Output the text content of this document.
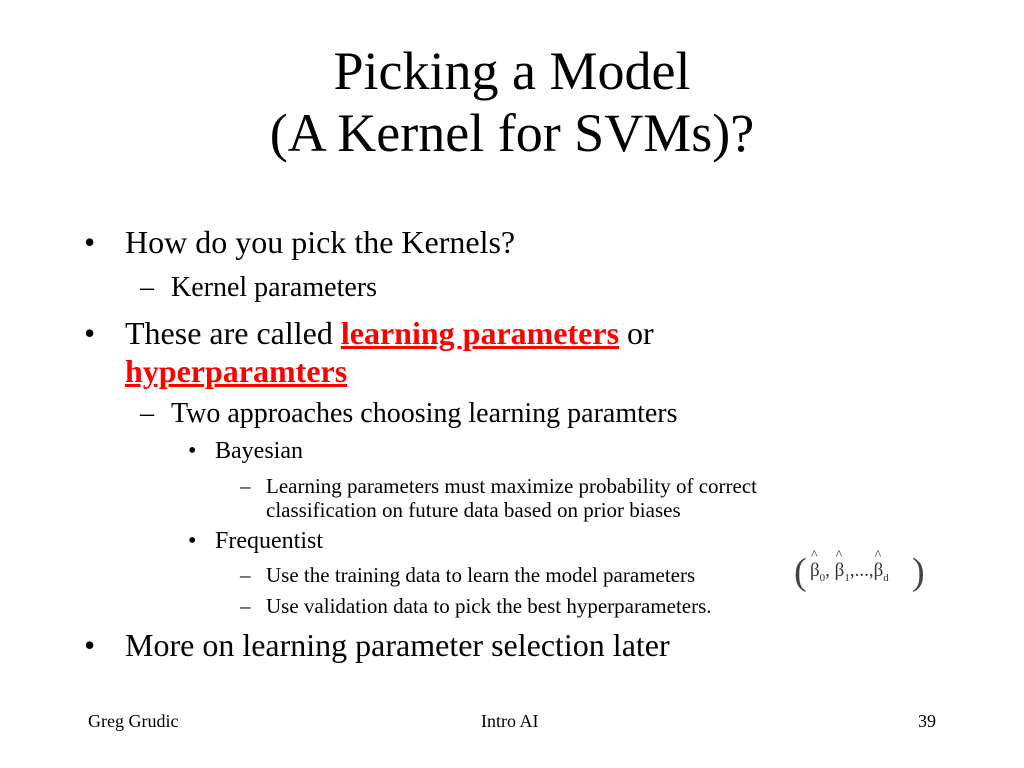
Picking a Model
(A Kernel for SVMs)?
• How do you pick the Kernels?
– Kernel parameters
• These are called learning parameters or
hyperparamters
– Two approaches choosing learning paramters
• Bayesian
– Learning parameters must maximize probability of correct
classification on future data based on prior biases
• Frequentist
– Use the training data to learn the model parameters	( ^ $\beta_0$, ^ $\beta_1,...,\^{}$ $\beta_d$ )
– Use validation data to pick the best hyperparameters.
• More on learning parameter selection later
Greg Grudic	Intro AI	39
